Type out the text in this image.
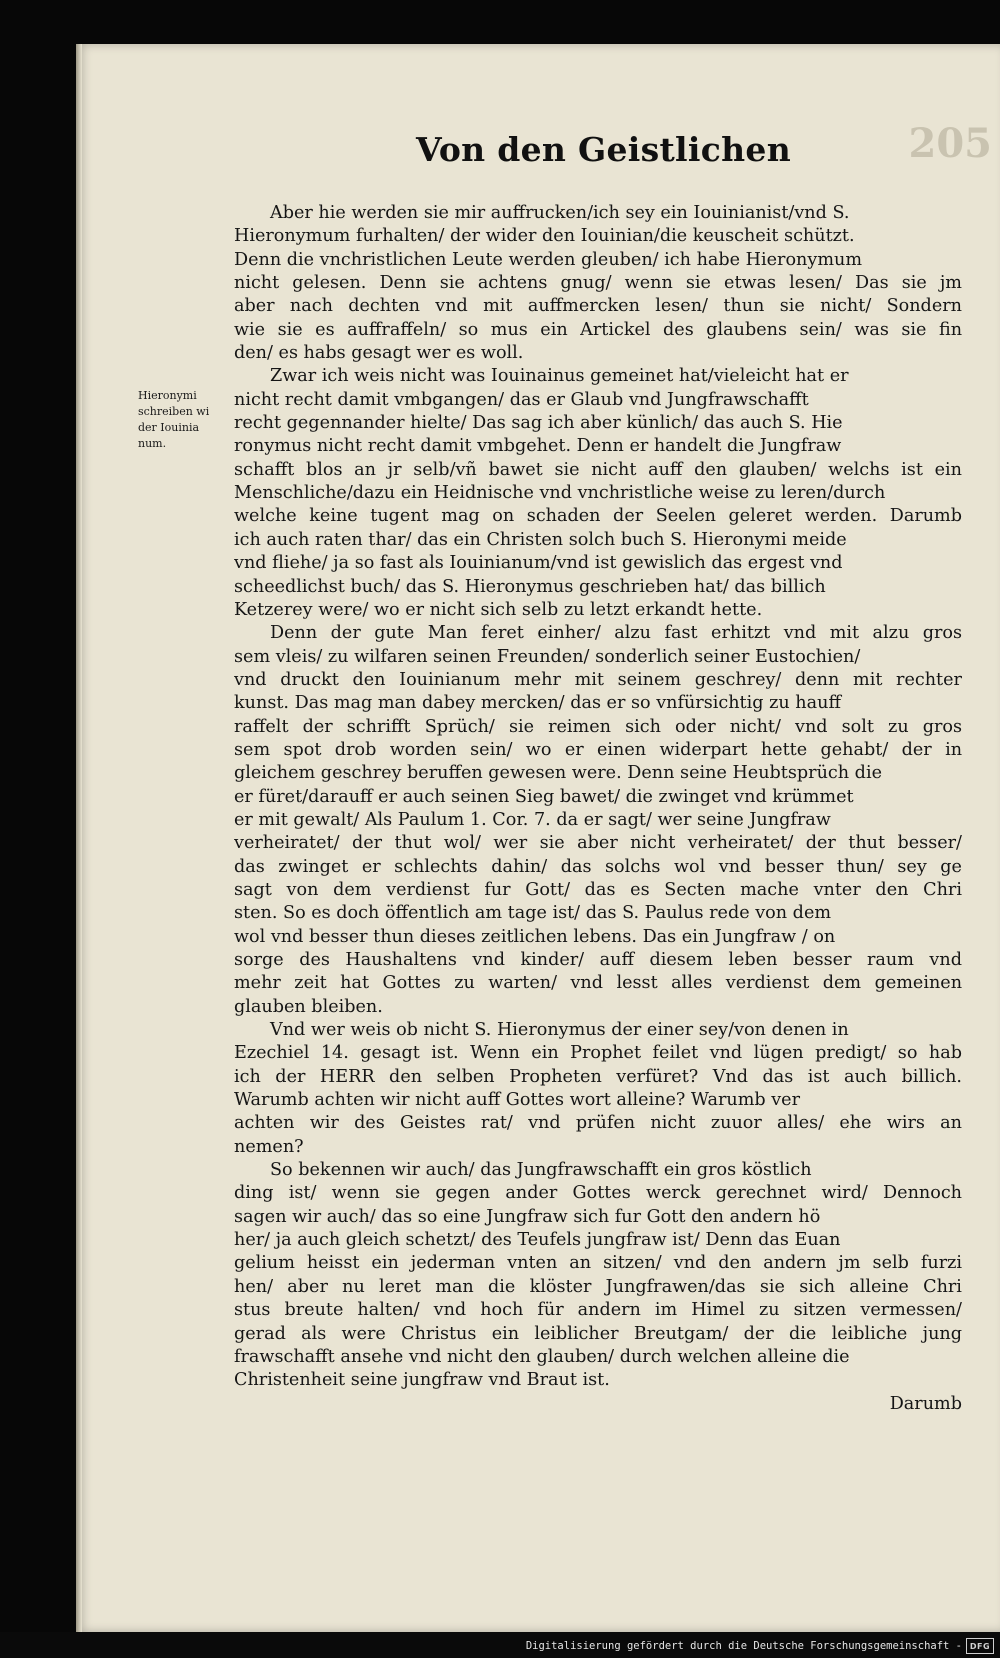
205
Von den Geistlichen
Hieronymi
schreiben wi
der Iouinia
num.
Aber hie werden sie mir auffrucken/ich sey ein Iouinianist/vnd S.
Hieronymum furhalten/ der wider den Iouinian/die keuscheit schützt.
Denn die vnchristlichen Leute werden gleuben/ ich habe Hieronymum
nicht gelesen. Denn sie achtens gnug/ wenn sie etwas lesen/ Das sie jm
aber nach dechten vnd mit auffmercken lesen/ thun sie nicht/ Sondern
wie sie es auffraffeln/ so mus ein Artickel des glaubens sein/ was sie fin
den/ es habs gesagt wer es woll.
Zwar ich weis nicht was Iouinainus gemeinet hat/vieleicht hat er
nicht recht damit vmbgangen/ das er Glaub vnd Jungfrawschafft
recht gegennander hielte/ Das sag ich aber künlich/ das auch S. Hie
ronymus nicht recht damit vmbgehet. Denn er handelt die Jungfraw
schafft blos an jr selb/vñ bawet sie nicht auff den glauben/ welchs ist ein
Menschliche/dazu ein Heidnische vnd vnchristliche weise zu leren/durch
welche keine tugent mag on schaden der Seelen geleret werden. Darumb
ich auch raten thar/ das ein Christen solch buch S. Hieronymi meide
vnd fliehe/ ja so fast als Iouinianum/vnd ist gewislich das ergest vnd
scheedlichst buch/ das S. Hieronymus geschrieben hat/ das billich
Ketzerey were/ wo er nicht sich selb zu letzt erkandt hette.
Denn der gute Man feret einher/ alzu fast erhitzt vnd mit alzu gros
sem vleis/ zu wilfaren seinen Freunden/ sonderlich seiner Eustochien/
vnd druckt den Iouinianum mehr mit seinem geschrey/ denn mit rechter
kunst. Das mag man dabey mercken/ das er so vnfürsichtig zu hauff
raffelt der schrifft Sprüch/ sie reimen sich oder nicht/ vnd solt zu gros
sem spot drob worden sein/ wo er einen widerpart hette gehabt/ der in
gleichem geschrey beruffen gewesen were. Denn seine Heubtsprüch die
er füret/darauff er auch seinen Sieg bawet/ die zwinget vnd krümmet
er mit gewalt/ Als Paulum 1. Cor. 7. da er sagt/ wer seine Jungfraw
verheiratet/ der thut wol/ wer sie aber nicht verheiratet/ der thut besser/
das zwinget er schlechts dahin/ das solchs wol vnd besser thun/ sey ge
sagt von dem verdienst fur Gott/ das es Secten mache vnter den Chri
sten. So es doch öffentlich am tage ist/ das S. Paulus rede von dem
wol vnd besser thun dieses zeitlichen lebens. Das ein Jungfraw / on
sorge des Haushaltens vnd kinder/ auff diesem leben besser raum vnd
mehr zeit hat Gottes zu warten/ vnd lesst alles verdienst dem gemeinen
glauben bleiben.
Vnd wer weis ob nicht S. Hieronymus der einer sey/von denen in
Ezechiel 14. gesagt ist. Wenn ein Prophet feilet vnd lügen predigt/ so hab
ich der HERR den selben Propheten verfüret? Vnd das ist auch billich.
Warumb achten wir nicht auff Gottes wort alleine? Warumb ver
achten wir des Geistes rat/ vnd prüfen nicht zuuor alles/ ehe wirs an
nemen?
So bekennen wir auch/ das Jungfrawschafft ein gros köstlich
ding ist/ wenn sie gegen ander Gottes werck gerechnet wird/ Dennoch
sagen wir auch/ das so eine Jungfraw sich fur Gott den andern hö
her/ ja auch gleich schetzt/ des Teufels jungfraw ist/ Denn das Euan
gelium heisst ein jederman vnten an sitzen/ vnd den andern jm selb furzi
hen/ aber nu leret man die klöster Jungfrawen/das sie sich alleine Chri
stus breute halten/ vnd hoch für andern im Himel zu sitzen vermessen/
gerad als were Christus ein leiblicher Breutgam/ der die leibliche jung
frawschafft ansehe vnd nicht den glauben/ durch welchen alleine die
Christenheit seine jungfraw vnd Braut ist.
Darumb
Digitalisierung gefördert durch die Deutsche Forschungsgemeinschaft - DFG
